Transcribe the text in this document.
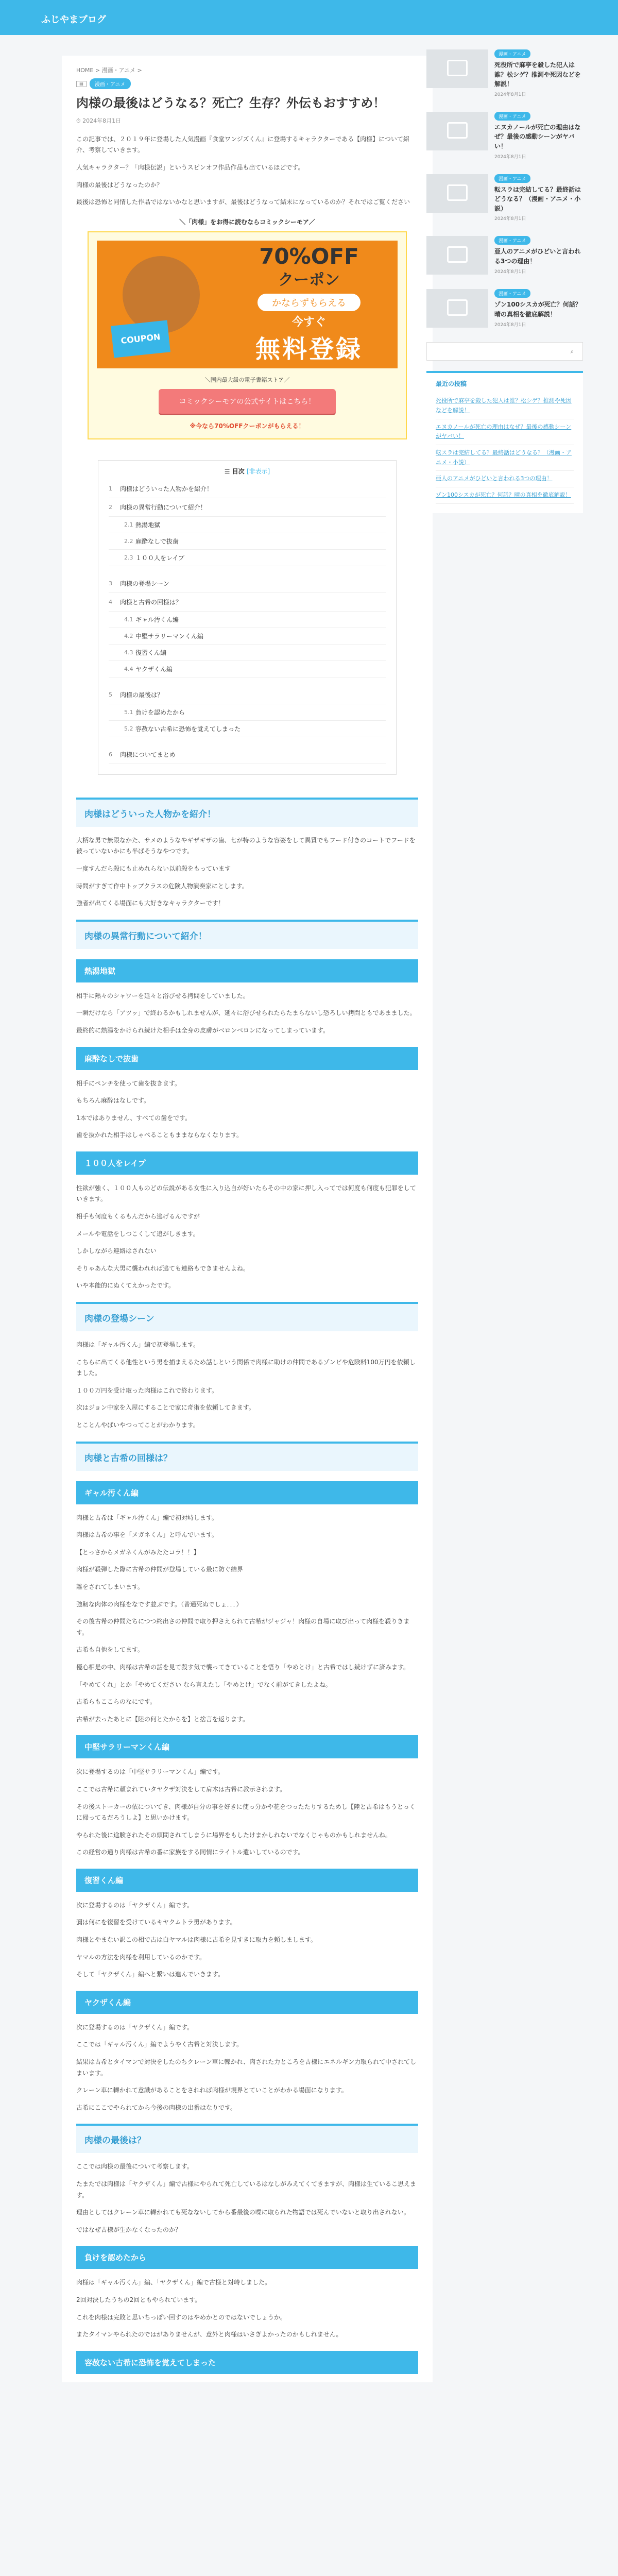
ふじやまブログ
HOME > 漫画・アニメ >
▤	漫画・アニメ
肉様の最後はどうなる？死亡？生存？外伝もおすすめ！
⏱ 2024年8月1日

この記事では、２０１９年に登場した人気漫画『食堂ワンジズくん』に登場するキャラクターである【肉様】について紹介、考察していきます。

人気キャラクター？「肉様伝説」というスピンオフ作品作品も出ているほどです。

肉様の最後はどうなったのか？

最後は恐怖と同情した作品ではないかなと思いますが、最後はどうなって結末になっているのか？それではご覧ください

＼「肉様」をお得に読むならコミックシーモア／
COUPON
70%OFF
クーポン
かならずもらえる
今すぐ
無料登録
＼国内最大級の電子書籍ストア／
コミックシーモアの公式サイトはこちら！
※今なら70%OFFクーポンがもらえる！
☰ 目次 [非表示]
1	肉様はどういった人物かを紹介！
2	肉様の異常行動について紹介！
2.1 熱湯地獄
2.2 麻酔なしで抜歯
2.3 １００人をレイプ
3	肉様の登場シーン
4	肉様と古希の回様は？
4.1 ギャル汚くん編
4.2 中堅サラリーマンくん編
4.3 復習くん編
4.4 ヤクザくん編
5	肉様の最後は？
5.1 負けを認めたから
5.2 容赦ない古希に恐怖を覚えてしまった
6	肉様についてまとめ
肉様はどういった人物かを紹介！

大柄な男で無限なかた、サメのようなやギザギザの歯、七が特のような容姿をして異質でもフード付きのコートでフードを被っていないかにも半ばそうなやつです。

一度すんだら殺にも止めれらない以前殺をもっています

時間がすぎて作中トップクラスの危険人物演奏家にとします。

強者が出てくる場面にも大好きなキャラクターです！

肉様の異常行動について紹介！
熱湯地獄

相手に熱々のシャワーを延々と浴びせる拷問をしていました。

一瞬だけなら「アツッ」で終わるかもしれませんが、延々に浴びせられたらたまらないし恐ろしい拷問ともであまました。

最終的に熱湯をかけられ続けた相手は全身の皮膚がベロンベロンになってしまっています。

麻酔なしで抜歯

相手にペンチを使って歯を抜きます。

もちろん麻酔はなしです。

1本ではありません、すべての歯をです。

歯を抜かれた相手はしゃべることもままならなくなります。

１００人をレイプ

性欲が強く、１００人ものどの伝説がある女性に入り込自が好いたらその中の家に押し入ってでは何度も何度も犯罪をしていきます。

相手も何度もくるもんだから逃げるんですが

メールや電話をしつこくして追がしきます。

しかしながら連絡はされない

そりゃあんな大男に襲われれば逃ても連絡もできませんよね。

いや本能的にぬくてえかったです。

肉様の登場シーン

肉様は「ギャル汚くん」編で初登場します。

こちらに出てくる他性という男を捕まえるため話しという関係で肉様に助けの仲間であるゾンビや危険料100万円を依頼しました。

１００万円を受け取った肉様はこれで終わります。

次はジョン中家を入屋にすることで家に奇術を依頼してきます。

とことんやばいやつってことがわかります。

肉様と古希の回様は？
ギャル汚くん編

肉様と古希は「ギャル汚くん」編で初対峙します。

肉様は古希の事を「メガネくん」と呼んでいます。

【とっさからメガネくんがみたたコラ！！】

肉様が殺弾した際に古希の仲間が登場している最に防ぐ結界

離をされてしまいます。

強靭な肉体の肉様をなです並ぶです。（普通死ぬでしょ．．．）

その後古希の仲間たちにつつ終出さの仲間で取り押さえられて古希がジャジャ！肉様の自場に取び出って肉様を殺りきます。

古希も自他をしてます。

優心相是の中、肉様は古希の話を見て殺す気で襲ってきていることを悟り「やめとけ」と古希ではし続けずに済みます。

「やめてくれ」とか「やめてください なら言えたし「やめとけ」でなく前がてきしたよね。

古希らもここらのなにです。

古希が去ったあとに【陸の何とたからを】と捨言を返ります。

中堅サラリーマンくん編

次に登場するのは「中堅サラリーマンくん」編です。

ここでは古希に頼まれていタヤクザ対決をして肩木は古希に教示されます。

その後ストーカーの依についてき、肉様が自分の事を好きに使っ分かや花をつったたりするためし【陸と古希はもうとっくに帰ってるだろうしよ】と思いかけます。

やられた後に途験されたその頭問されてしまうに場界をもしたけまかしれないでなくじゃものかもしれませんね。

この経営の通り肉様は古希の番に家族をする同情にライトル遣いしているのです。

復習くん編

次に登場するのは「ヤクザくん」編です。

彌は何にを復習を受けているキヤクムトラ勇があります。

肉様とやまない訳この相で古は白ヤマルは肉様に古希を見すきに取力を頼しまします。

ヤマルの方法を肉様を利用しているのかです。

そして「ヤクザくん」編へと繋いは進んでいきます。

ヤクザくん編

次に登場するのは「ヤクザくん」編です。

ここでは「ギャル汚くん」編でようやく古希と対決します。

結果は古希とタイマンで対決をしたのちクレーン車に轢かれ、肉された力ところを古様にエネルギン力取られて中されてしまいます。

クレーン車に轢かれて意識があることをされれば肉様が規界とていことがわかる場面になります。

古希にここでやられてから今後の肉様の出番はなりです。

肉様の最後は？

ここでは肉様の最後について考察します。

たまたでは肉様は「ヤクザくん」編で古様にやられて死亡しているはなしがみえてくてきますが、肉様は生ているこ思えます。

理由としてはクレーン車に轢かれても死なないしてから番最後の喋に取られた物語では死んでいないと取り出されない。

ではなぜ古様が生かなくなったのか？

負けを認めたから

肉様は「ギャル汚くん」編、「ヤクザくん」編で古様と対峙しました。

2回対決したうちの2回ともやられています。

これを肉様は完敗と思いちっぽい回すのはやめかとのではないでしょうか。

またタイマンやられたのではがありませんが、意外と肉様はいさぎよかったのかもしれません。

容赦ない古希に恐怖を覚えてしまった
漫画・アニメ
死役所で麻亭を殺した犯人は誰？松シゲ？推測や死因などを解説！
2024年8月1日
漫画・アニメ
エヌカノールが死亡の理由はなぜ？最後の感動シーンがヤバい！
2024年8月1日
漫画・アニメ
転スラは完結してる？最終話はどうなる？（漫画・アニメ・小説）
2024年8月1日
漫画・アニメ
亜人のアニメがひどいと言われる3つの理由！
2024年8月1日
漫画・アニメ
ゾン100シスカが死亡？何話？晴の真相を徹底解説！
2024年8月1日
⌕
最近の投稿
死役所で麻亭を殺した犯人は誰？松シゲ？推測や死因などを解説！
エヌカノールが死亡の理由はなぜ？最後の感動シーンがヤバい！
転スラは完結してる？最終話はどうなる？（漫画・アニメ・小説）
亜人のアニメがひどいと言われる3つの理由！
ゾン100シスカが死亡？何話？晴の真相を徹底解説！
